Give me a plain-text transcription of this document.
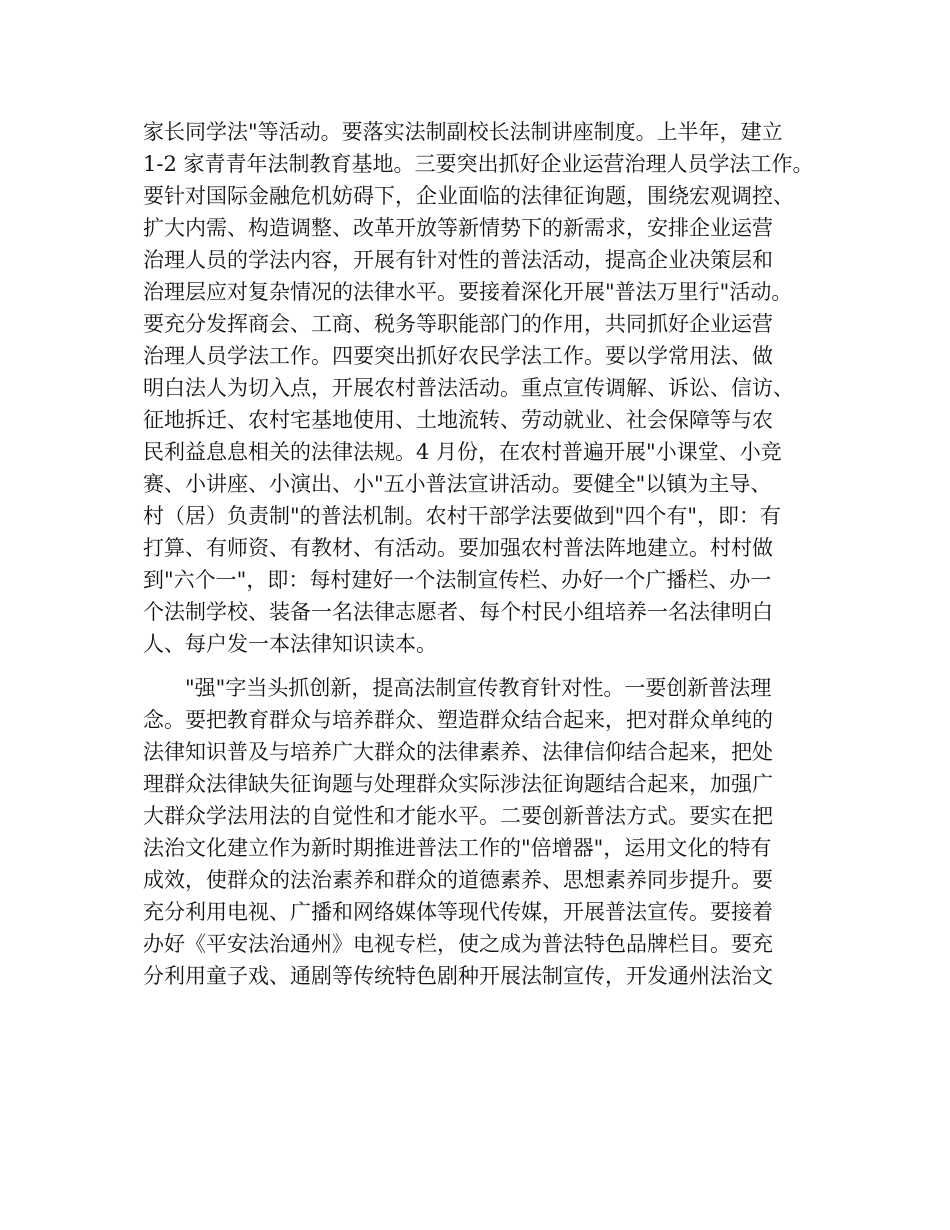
家长同学法"等活动。要落实法制副校长法制讲座制度。上半年，建立
1-2 家青青年法制教育基地。三要突出抓好企业运营治理人员学法工作。
要针对国际金融危机妨碍下，企业面临的法律征询题，围绕宏观调控、
扩大内需、构造调整、改革开放等新情势下的新需求，安排企业运营
治理人员的学法内容，开展有针对性的普法活动，提高企业决策层和
治理层应对复杂情况的法律水平。要接着深化开展"普法万里行"活动。
要充分发挥商会、工商、税务等职能部门的作用，共同抓好企业运营
治理人员学法工作。四要突出抓好农民学法工作。要以学常用法、做
明白法人为切入点，开展农村普法活动。重点宣传调解、诉讼、信访、
征地拆迁、农村宅基地使用、土地流转、劳动就业、社会保障等与农
民利益息息相关的法律法规。4 月份，在农村普遍开展"小课堂、小竞
赛、小讲座、小演出、小"五小普法宣讲活动。要健全"以镇为主导、
村（居）负责制"的普法机制。农村干部学法要做到"四个有"，即：有
打算、有师资、有教材、有活动。要加强农村普法阵地建立。村村做
到"六个一"，即：每村建好一个法制宣传栏、办好一个广播栏、办一
个法制学校、装备一名法律志愿者、每个村民小组培养一名法律明白
人、每户发一本法律知识读本。
"强"字当头抓创新，提高法制宣传教育针对性。一要创新普法理
念。要把教育群众与培养群众、塑造群众结合起来，把对群众单纯的
法律知识普及与培养广大群众的法律素养、法律信仰结合起来，把处
理群众法律缺失征询题与处理群众实际涉法征询题结合起来，加强广
大群众学法用法的自觉性和才能水平。二要创新普法方式。要实在把
法治文化建立作为新时期推进普法工作的"倍增器"，运用文化的特有
成效，使群众的法治素养和群众的道德素养、思想素养同步提升。要
充分利用电视、广播和网络媒体等现代传媒，开展普法宣传。要接着
办好《平安法治通州》电视专栏，使之成为普法特色品牌栏目。要充
分利用童子戏、通剧等传统特色剧种开展法制宣传，开发通州法治文
